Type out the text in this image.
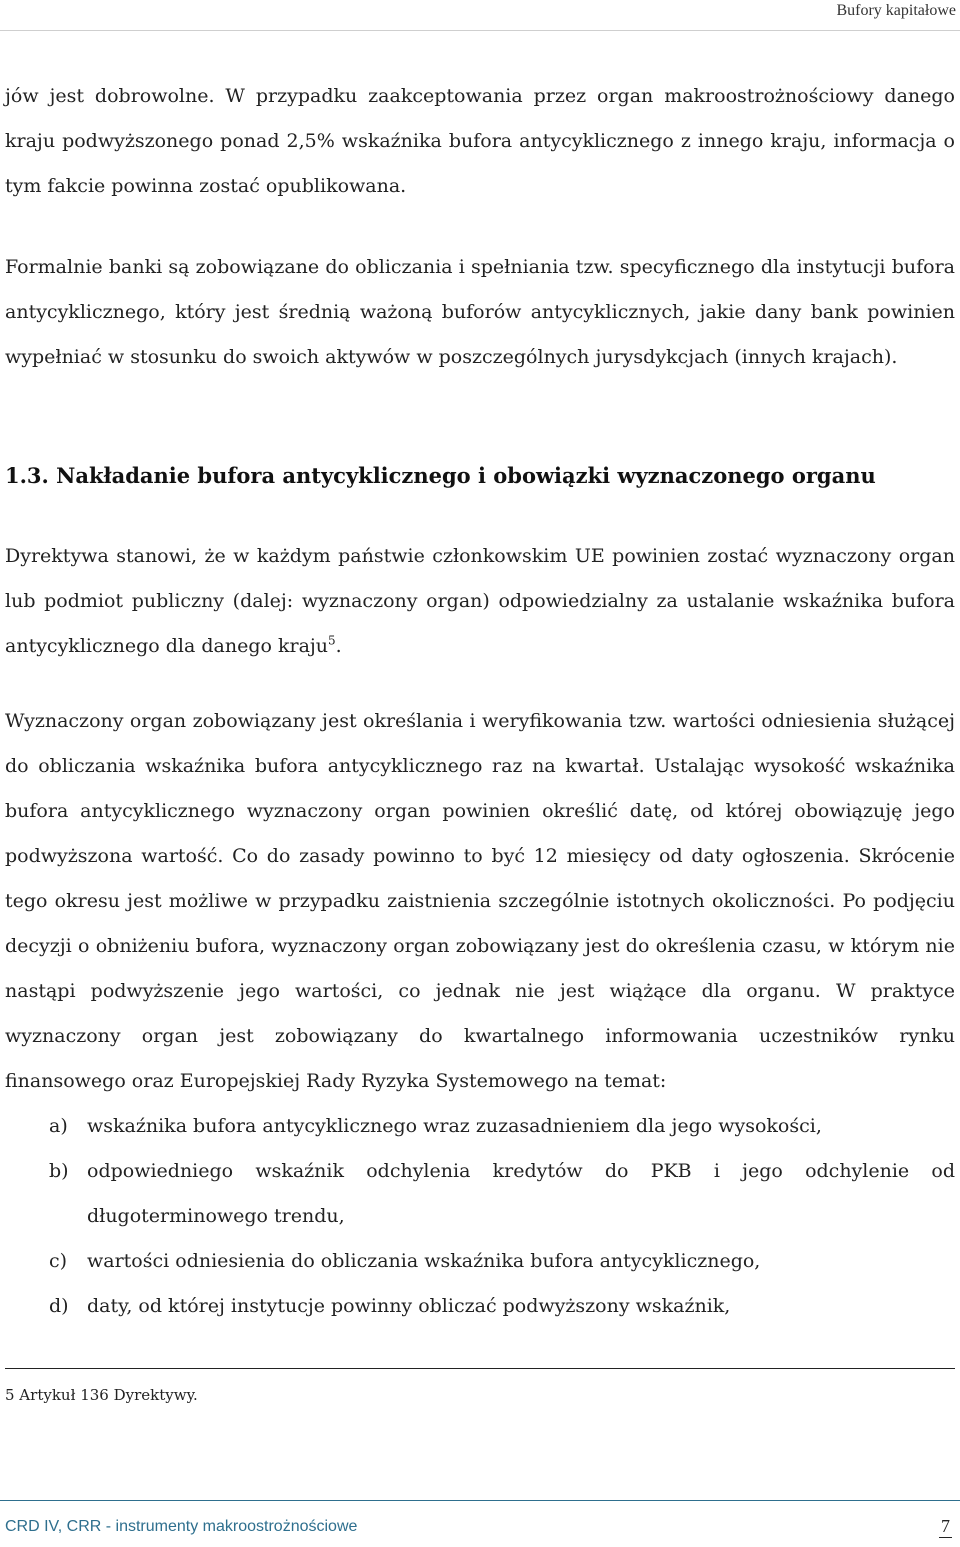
Bufory kapitałowe

jów jest dobrowolne. W przypadku zaakceptowania przez organ makroostrożnościowy danego kraju podwyższonego ponad 2,5% wskaźnika bufora antycyklicznego z innego kraju, informacja o tym fakcie powinna zostać opublikowana.

Formalnie banki są zobowiązane do obliczania i spełniania tzw. specyficznego dla instytucji bufora antycyklicznego, który jest średnią ważoną buforów antycyklicznych, jakie dany bank powinien wypełniać w stosunku do swoich aktywów w poszczególnych jurysdykcjach (innych krajach).

1.3. Nakładanie bufora antycyklicznego i obowiązki wyznaczonego organu

Dyrektywa stanowi, że w każdym państwie członkowskim UE powinien zostać wyznaczony organ lub podmiot publiczny (dalej: wyznaczony organ) odpowiedzialny za ustalanie wskaźnika bufora antycyklicznego dla danego kraju$^5$.

Wyznaczony organ zobowiązany jest określania i weryfikowania tzw. wartości odniesienia służącej do obliczania wskaźnika bufora antycyklicznego raz na kwartał. Ustalając wysokość wskaźnika bufora antycyklicznego wyznaczony organ powinien określić datę, od której obowiązuję jego podwyższona wartość. Co do zasady powinno to być 12 miesięcy od daty ogłoszenia. Skrócenie tego okresu jest możliwe w przypadku zaistnienia szczególnie istotnych okoliczności. Po podjęciu decyzji o obniżeniu bufora, wyznaczony organ zobowiązany jest do określenia czasu, w którym nie nastąpi podwyższenie jego wartości, co jednak nie jest wiążące dla organu. W praktyce wyznaczony organ jest zobowiązany do kwartalnego informowania uczestników rynku finansowego oraz Europejskiej Rady Ryzyka Systemowego na temat:

a) wskaźnika bufora antycyklicznego wraz zuzasadnieniem dla jego wysokości,

b) odpowiedniego wskaźnik odchylenia kredytów do PKB i jego odchylenie od długoterminowego trendu,

c) wartości odniesienia do obliczania wskaźnika bufora antycyklicznego,

d) daty, od której instytucje powinny obliczać podwyższony wskaźnik,

5 Artykuł 136 Dyrektywy.
CRD IV, CRR - instrumenty makroostrożnościowe	7
